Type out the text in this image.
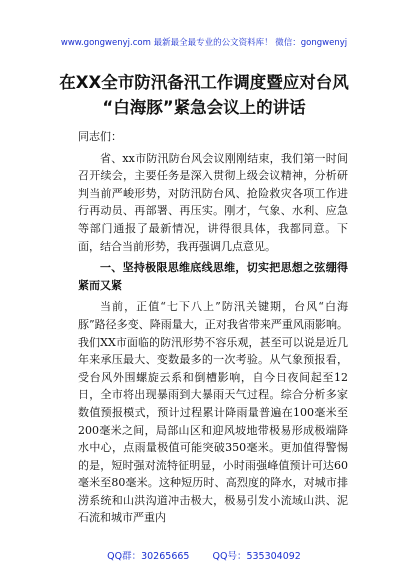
www.gongwenyj.com 最新最全最专业的公文资料库！ 微信：gongwenyj
在XX全市防汛备汛工作调度暨应对台风
“白海豚”紧急会议上的讲话

同志们：

省、xx市防汛防台风会议刚刚结束，我们第一时间召开续会，主要任务是深入贯彻上级会议精神，分析研判当前严峻形势，对防汛防台风、抢险救灾各项工作进行再动员、再部署、再压实。刚才，气象、水利、应急等部门通报了最新情况，讲得很具体，我都同意。下面，结合当前形势，我再强调几点意见。

一、坚持极限思维底线思维，切实把思想之弦绷得紧而又紧

当前，正值“七下八上”防汛关键期，台风“白海豚”路径多变、降雨量大，正对我省带来严重风雨影响。我们XX市面临的防汛形势不容乐观，甚至可以说是近几年来承压最大、变数最多的一次考验。从气象预报看，受台风外围螺旋云系和倒槽影响，自今日夜间起至12日，全市将出现暴雨到大暴雨天气过程。综合分析多家数值预报模式，预计过程累计降雨量普遍在100毫米至200毫米之间，局部山区和迎风坡地带极易形成极端降水中心，点雨量极值可能突破350毫米。更加值得警惕的是，短时强对流特征明显，小时雨强峰值预计可达60毫米至80毫米。这种短历时、高烈度的降水，对城市排涝系统和山洪沟道冲击极大，极易引发小流域山洪、泥石流和城市严重内

QQ群：30265665 QQ号：535304092
